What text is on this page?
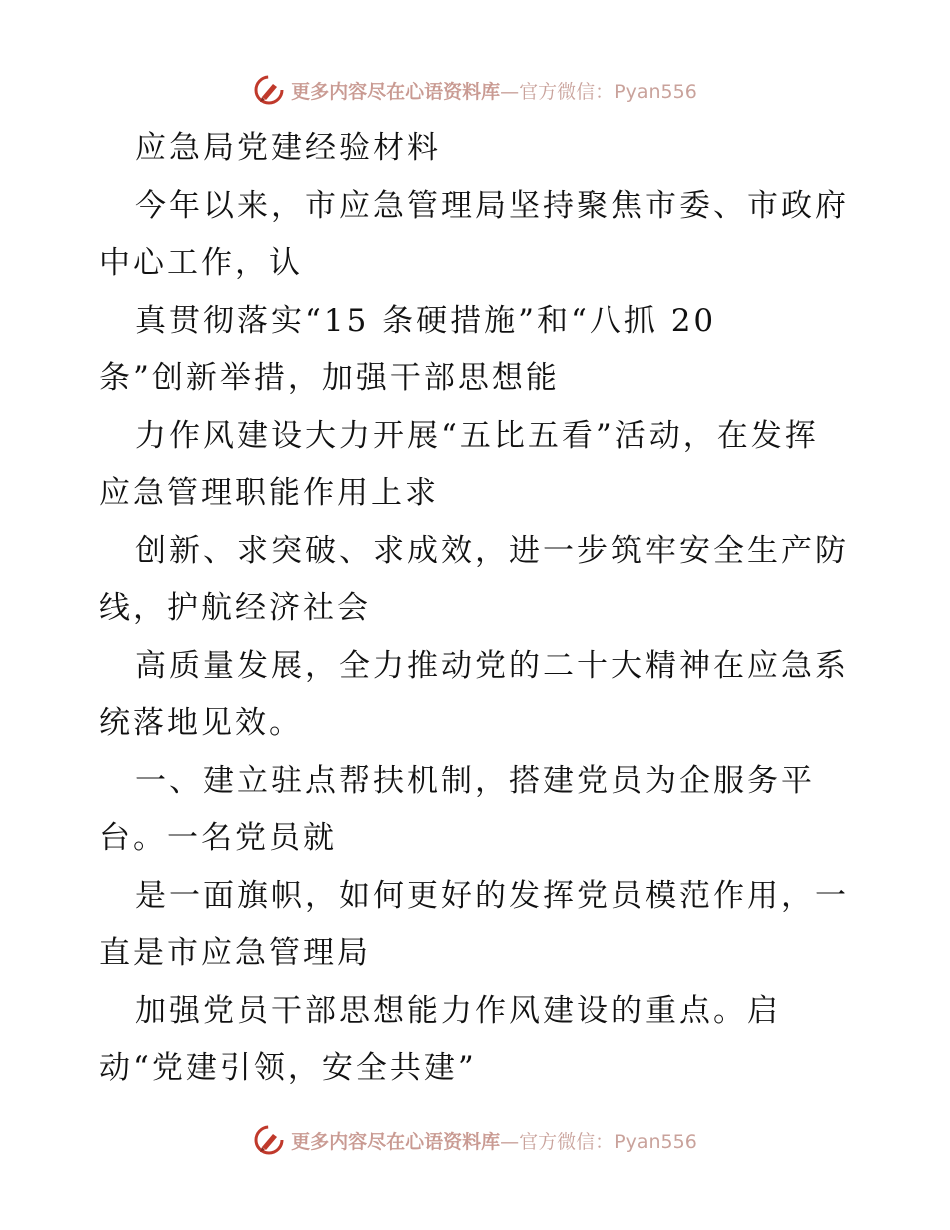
更多内容尽在心语资料库—官方微信：Pyan556
应急局党建经验材料
今年以来，市应急管理局坚持聚焦市委、市政府
中心工作，认
真贯彻落实“15 条硬措施”和“八抓 20
条”创新举措，加强干部思想能
力作风建设大力开展“五比五看”活动，在发挥
应急管理职能作用上求
创新、求突破、求成效，进一步筑牢安全生产防
线，护航经济社会
高质量发展，全力推动党的二十大精神在应急系
统落地见效。
一、建立驻点帮扶机制，搭建党员为企服务平
台。一名党员就
是一面旗帜，如何更好的发挥党员模范作用，一
直是市应急管理局
加强党员干部思想能力作风建设的重点。启
动“党建引领，安全共建”
更多内容尽在心语资料库—官方微信：Pyan556
